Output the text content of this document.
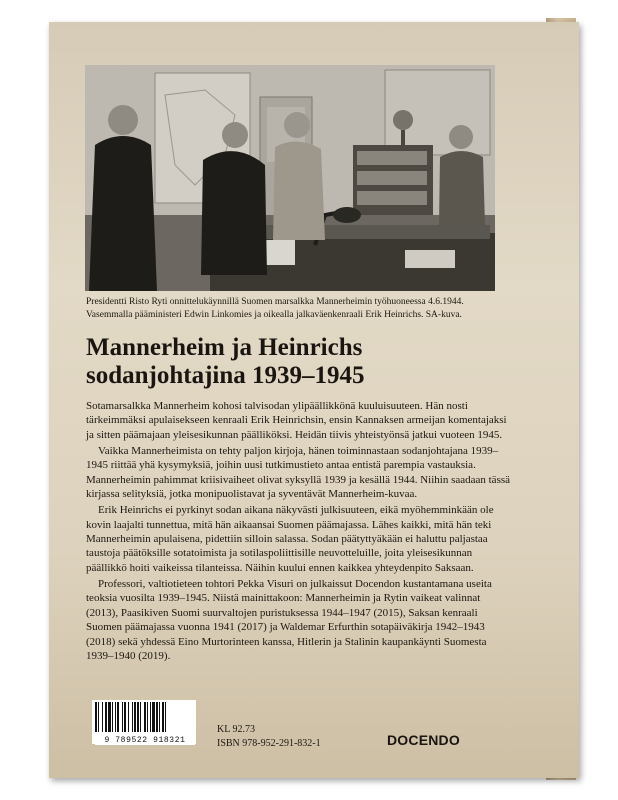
Presidentti Risto Ryti onnittelukäynnillä Suomen marsalkka Mannerheimin työhuoneessa 4.6.1944.
Vasemmalla pääministeri Edwin Linkomies ja oikealla jalkaväenkenraali Erik Heinrichs. SA-kuva.
Mannerheim ja Heinrichs
sodanjohtajina 1939–1945

Sotamarsalkka Mannerheim kohosi talvisodan ylipäällikkönä kuuluisuuteen. Hän nosti tärkeimmäksi apulaisekseen kenraali Erik Heinrichsin, ensin Kannaksen armeijan komentajaksi ja sitten päämajaan yleisesikunnan päälliköksi. Heidän tiivis yhteistyönsä jatkui vuoteen 1945.

Vaikka Mannerheimista on tehty paljon kirjoja, hänen toiminnastaan sodanjohtajana 1939–1945 riittää yhä kysymyksiä, joihin uusi tutkimustieto antaa entistä parempia vastauksia. Mannerheimin pahimmat kriisivaiheet olivat syksyllä 1939 ja kesällä 1944. Niihin saadaan tässä kirjassa selityksiä, jotka monipuolistavat ja syventävät Mannerheim-kuvaa.

Erik Heinrichs ei pyrkinyt sodan aikana näkyvästi julkisuuteen, eikä myöhemminkään ole kovin laajalti tunnettua, mitä hän aikaansai Suomen päämajassa. Lähes kaikki, mitä hän teki Mannerheimin apulaisena, pidettiin silloin salassa. Sodan päätyttyäkään ei haluttu paljastaa taustoja päätöksille sotatoimista ja sotilaspoliittisille neuvotteluille, joita yleisesikunnan päällikkö hoiti vaikeissa tilanteissa. Näihin kuului ennen kaikkea yhteydenpito Saksaan.

Professori, valtiotieteen tohtori Pekka Visuri on julkaissut Docendon kustantamana useita teoksia vuosilta 1939–1945. Niistä mainittakoon: Mannerheimin ja Rytin vaikeat valinnat (2013), Paasikiven Suomi suurvaltojen puristuksessa 1944–1947 (2015), Saksan kenraali Suomen päämajassa vuonna 1941 (2017) ja Waldemar Erfurthin sotapäiväkirja 1942–1943 (2018) sekä yhdessä Eino Murtorinteen kanssa, Hitlerin ja Stalinin kaupankäynti Suomesta 1939–1940 (2019).

9 789522 918321
KL 92.73
ISBN 978-952-291-832-1	DOCENDO
